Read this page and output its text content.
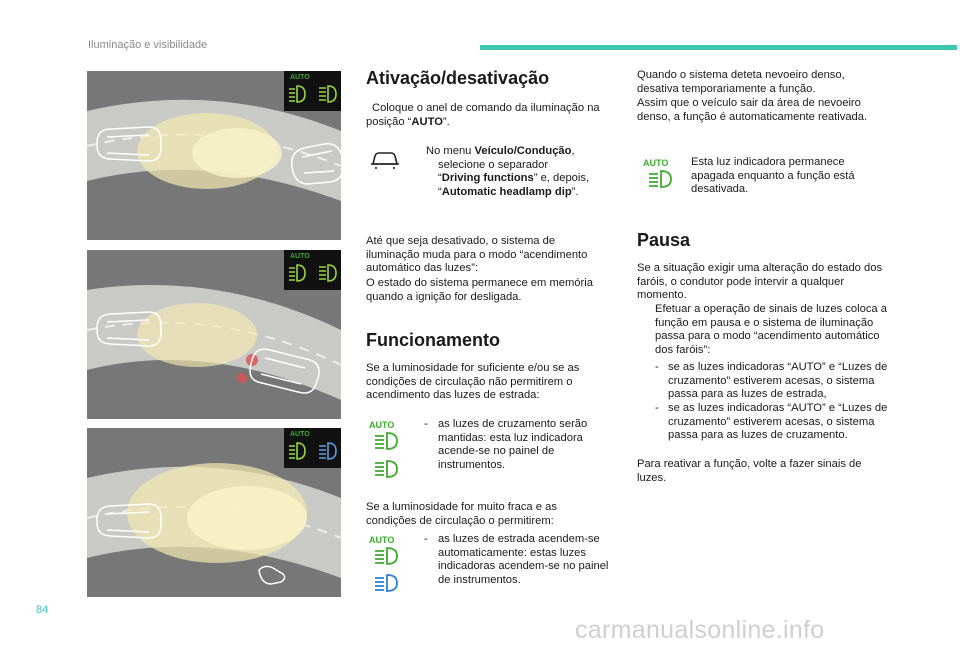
Iluminação e visibilidade
AUTO
AUTO
AUTO
Ativação/desativação
Coloque o anel de comando da iluminação na posição “AUTO”.
No menu Veículo/Condução,
selecione o separador
“Driving functions” e, depois,
“Automatic headlamp dip”.
Até que seja desativado, o sistema de iluminação muda para o modo “acendimento automático das luzes”:
O estado do sistema permanece em memória quando a ignição for desligada.
Funcionamento
Se a luminosidade for suficiente e/ou se as condições de circulação não permitirem o acendimento das luzes de estrada:
AUTO	- as luzes de cruzamento serão mantidas: esta luz indicadora acende-se no painel de instrumentos.
Se a luminosidade for muito fraca e as condições de circulação o permitirem:
AUTO	- as luzes de estrada acendem-se automaticamente: estas luzes indicadoras acendem-se no painel de instrumentos.
Quando o sistema deteta nevoeiro denso, desativa temporariamente a função.
Assim que o veículo sair da área de nevoeiro denso, a função é automaticamente reativada.
AUTO	Esta luz indicadora permanece apagada enquanto a função está desativada.
Pausa
Se a situação exigir uma alteração do estado dos faróis, o condutor pode intervir a qualquer momento.
Efetuar a operação de sinais de luzes coloca a função em pausa e o sistema de iluminação passa para o modo “acendimento automático dos faróis”:
- se as luzes indicadoras “AUTO” e “Luzes de cruzamento” estiverem acesas, o sistema passa para as luzes de estrada,
- se as luzes indicadoras “AUTO” e “Luzes de cruzamento” estiverem acesas, o sistema passa para as luzes de cruzamento.
Para reativar a função, volte a fazer sinais de luzes.
84
carmanualsonline.info
